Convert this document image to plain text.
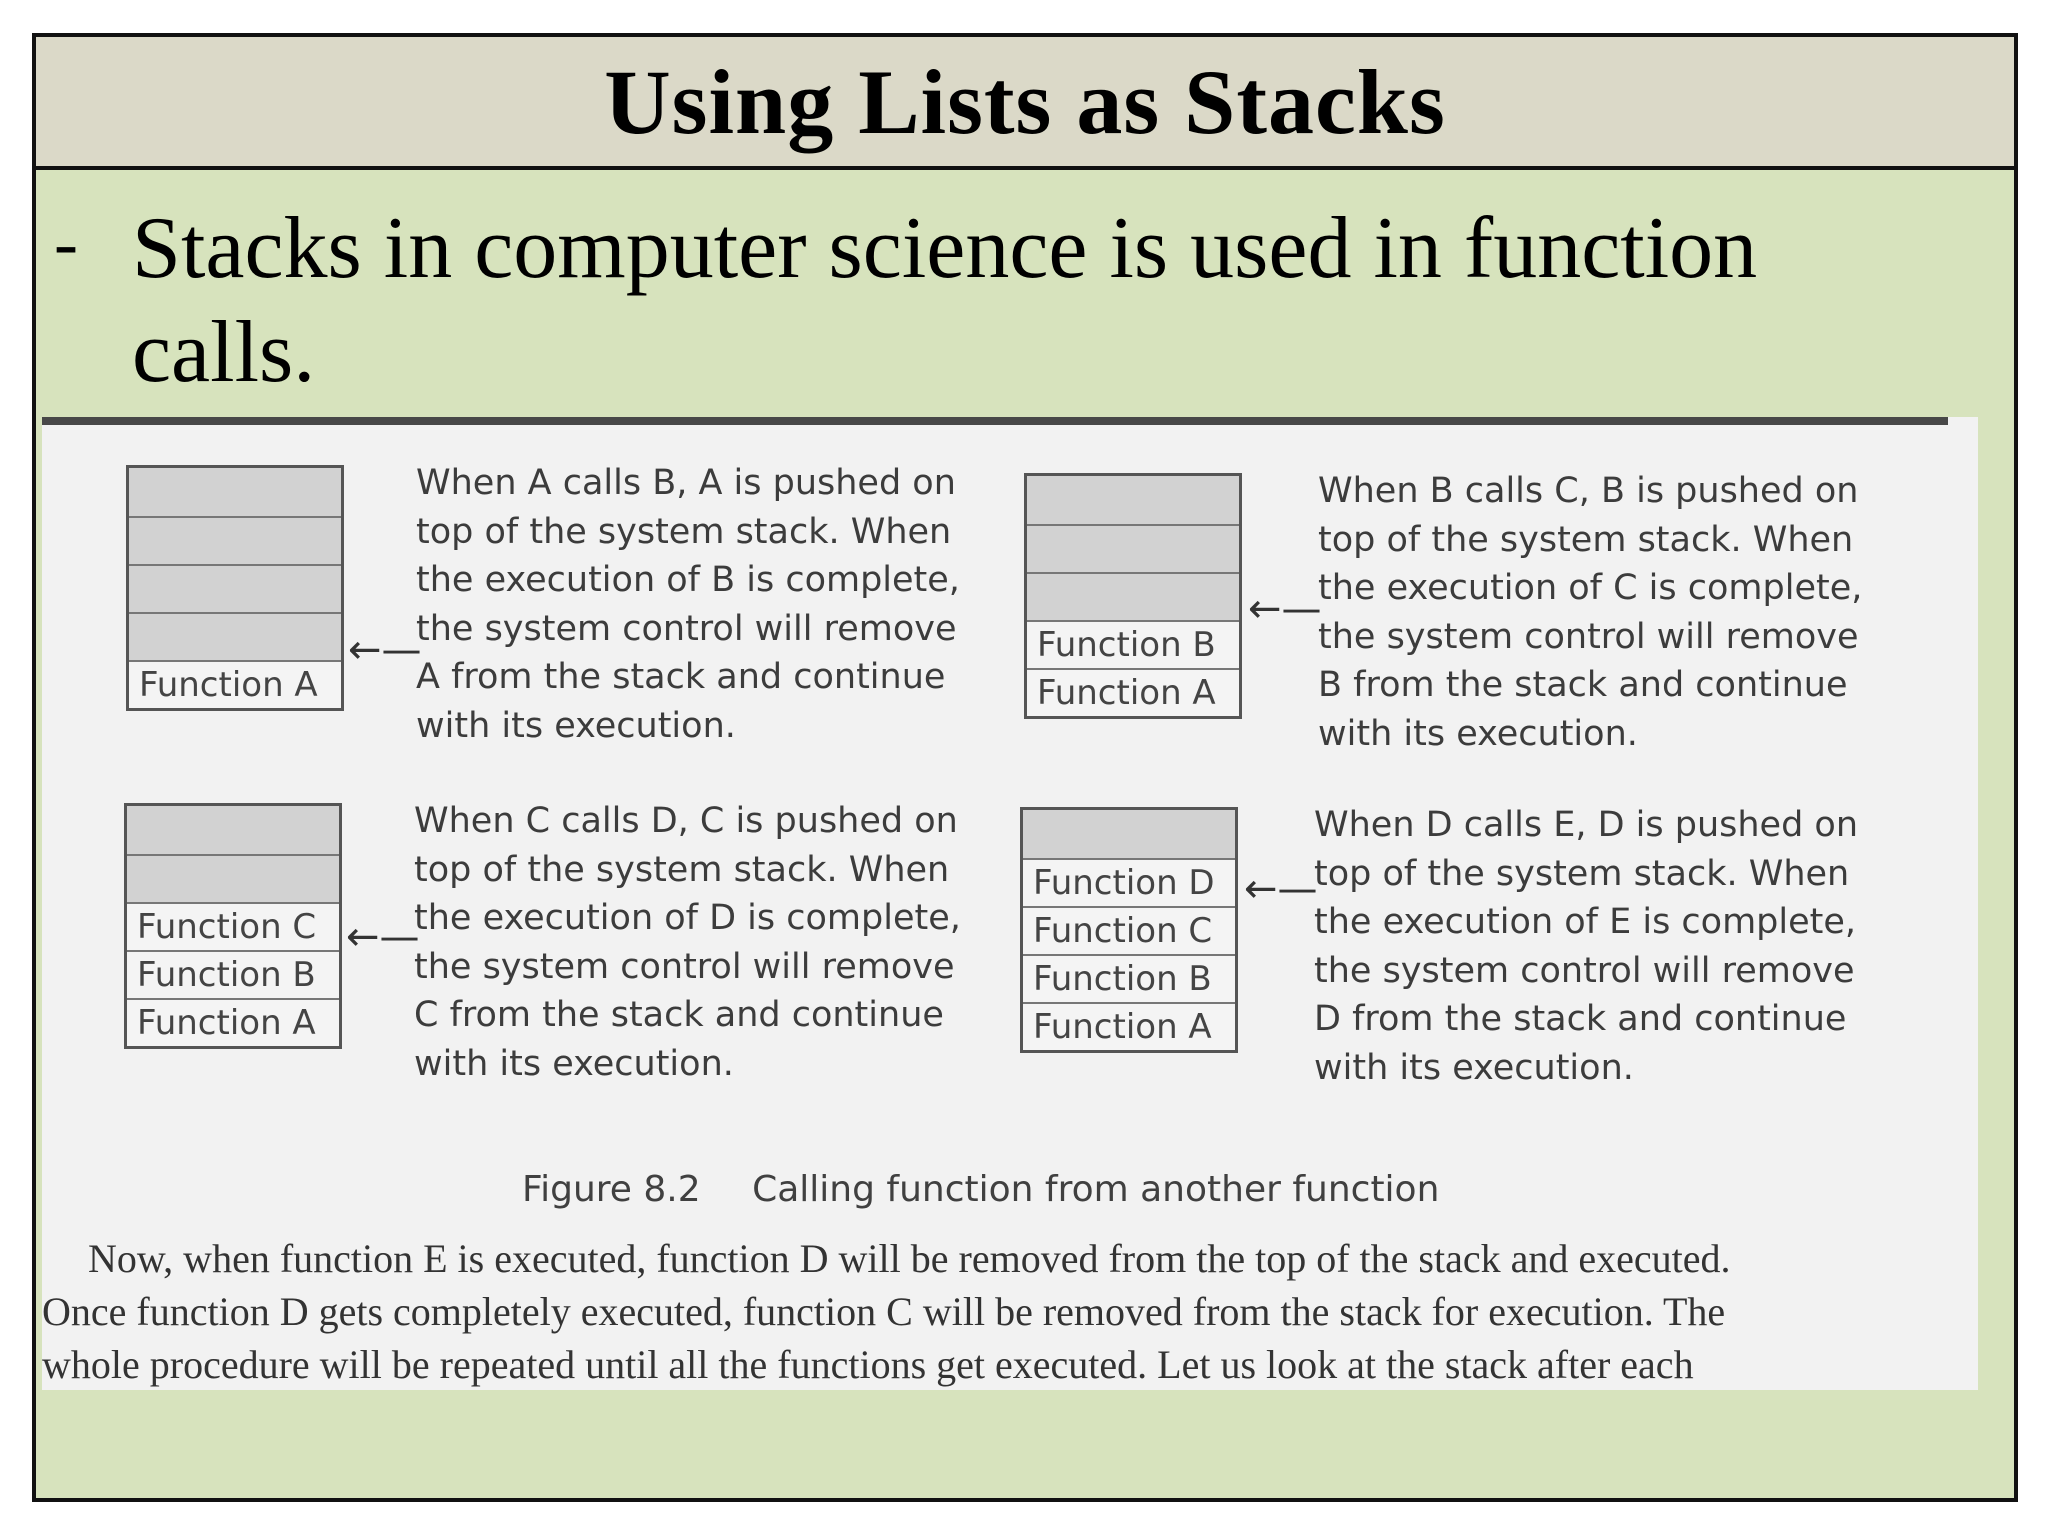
Using Lists as Stacks
- Stacks in computer science is used in function calls.
Function A
←—
When A calls B, A is pushed on
top of the system stack. When
the execution of B is complete,
the system control will remove
A from the stack and continue
with its execution.
Function B
Function A
←—
When B calls C, B is pushed on
top of the system stack. When
the execution of C is complete,
the system control will remove
B from the stack and continue
with its execution.
Function C
Function B
Function A
←—
When C calls D, C is pushed on
top of the system stack. When
the execution of D is complete,
the system control will remove
C from the stack and continue
with its execution.
Function D
Function C
Function B
Function A
←—
When D calls E, D is pushed on
top of the system stack. When
the execution of E is complete,
the system control will remove
D from the stack and continue
with its execution.
Figure 8.2 Calling function from another function
Now, when function E is executed, function D will be removed from the top of the stack and executed.
Once function D gets completely executed, function C will be removed from the stack for execution. The
whole procedure will be repeated until all the functions get executed. Let us look at the stack after each
